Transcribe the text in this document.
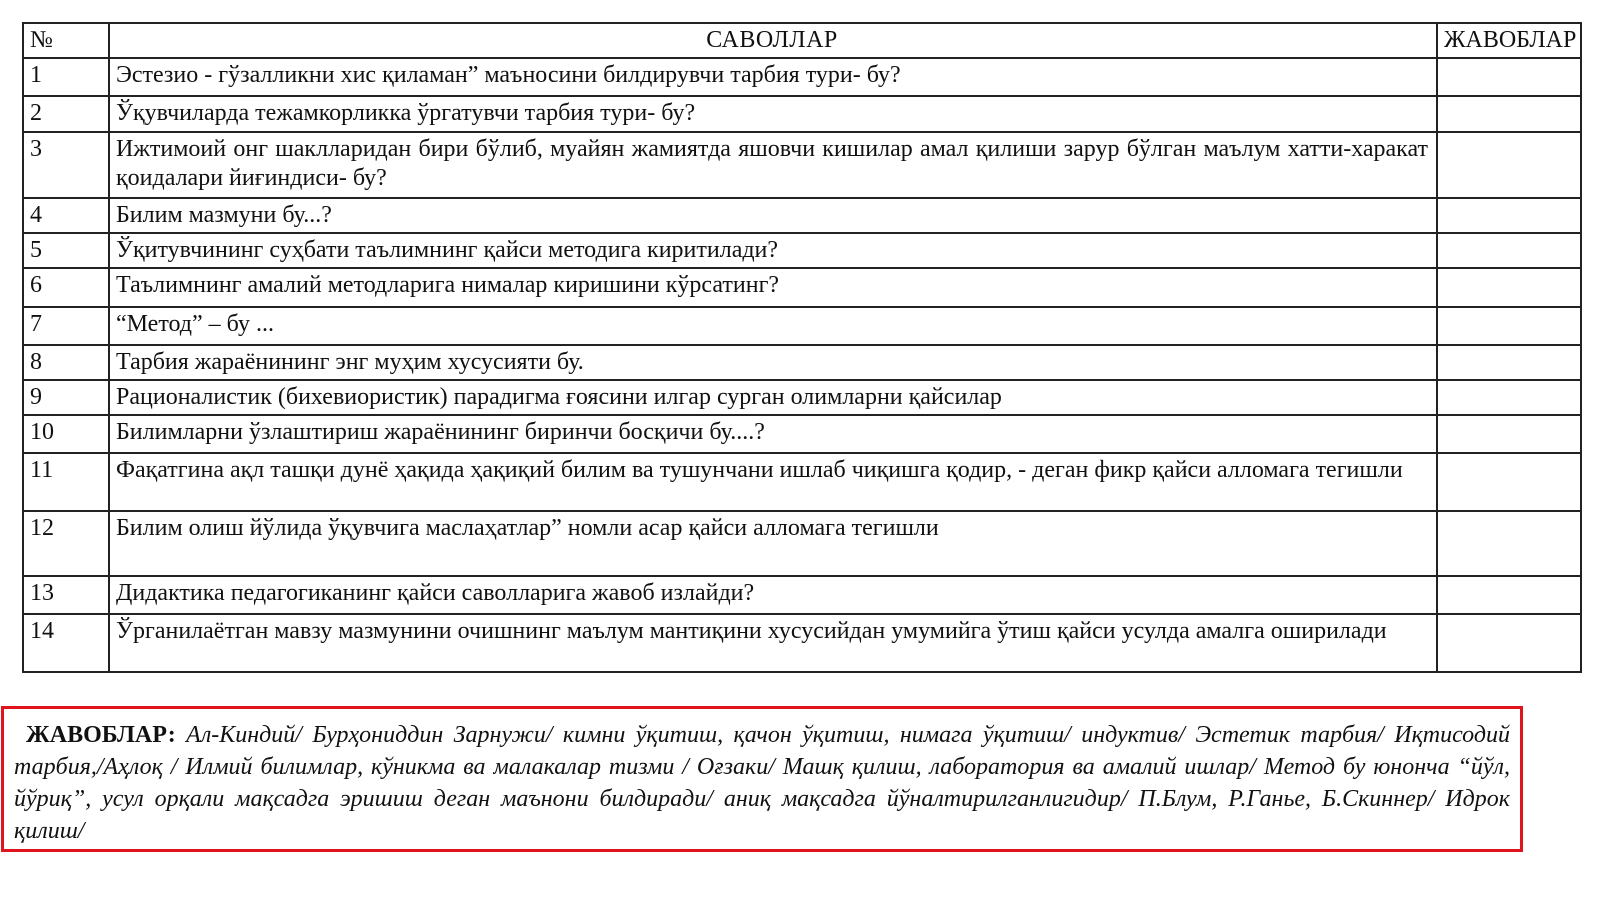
№	САВОЛЛАР	ЖАВОБЛАР
1	Эстезио - гўзалликни хис қиламан” маъносини билдирувчи тарбия тури- бу?	
2	Ўқувчиларда тежамкорликка ўргатувчи тарбия тури- бу?	
3	Ижтимоий онг шаклларидан бири бўлиб, муайян жамиятда яшовчи кишилар амал қилиши зарур бўлган маълум хатти-харакат қоидалари йиғиндиси- бу?	
4	Билим мазмуни бу...?	
5	Ўқитувчининг суҳбати таълимнинг қайси методига киритилади?	
6	Таълимнинг амалий методларига нималар киришини кўрсатинг?	
7	“Метод” – бу ...	
8	Тарбия жараёнининг энг муҳим хусусияти бу.	
9	Рационалистик (бихевиористик) парадигма ғоясини илгар сурган олимларни қайсилар	
10	Билимларни ўзлаштириш жараёнининг биринчи босқичи бу....?	
11	Фақатгина ақл ташқи дунё ҳақида ҳақиқий билим ва тушунчани ишлаб чиқишга қодир, - деган фикр қайси алломага тегишли	
12	Билим олиш йўлида ўқувчига маслаҳатлар” номли асар қайси алломага тегишли	
13	Дидактика педагогиканинг қайси саволларига жавоб излайди?	
14	Ўрганилаётган мавзу мазмунини очишнинг маълум мантиқини хусусийдан умумийга ўтиш қайси усулда амалга оширилади	
ЖАВОБЛАР: Ал-Киндий/ Бурҳониддин Зарнужи/ кимни ўқитиш, қачон ўқитиш, нимага ўқитиш/ индуктив/ Эстетик тарбия/ Иқтисодий тарбия,/Аҳлоқ / Илмий билимлар, кўникма ва малакалар тизми / Оғзаки/ Машқ қилиш, лаборатория ва амалий ишлар/ Метод бу юнонча “йўл, йўриқ”, усул орқали мақсадга эришиш деган маънони билдиради/ аниқ мақсадга йўналтирилганлигидир/ П.Блум, Р.Ганье, Б.Скиннер/ Идрок қилиш/
